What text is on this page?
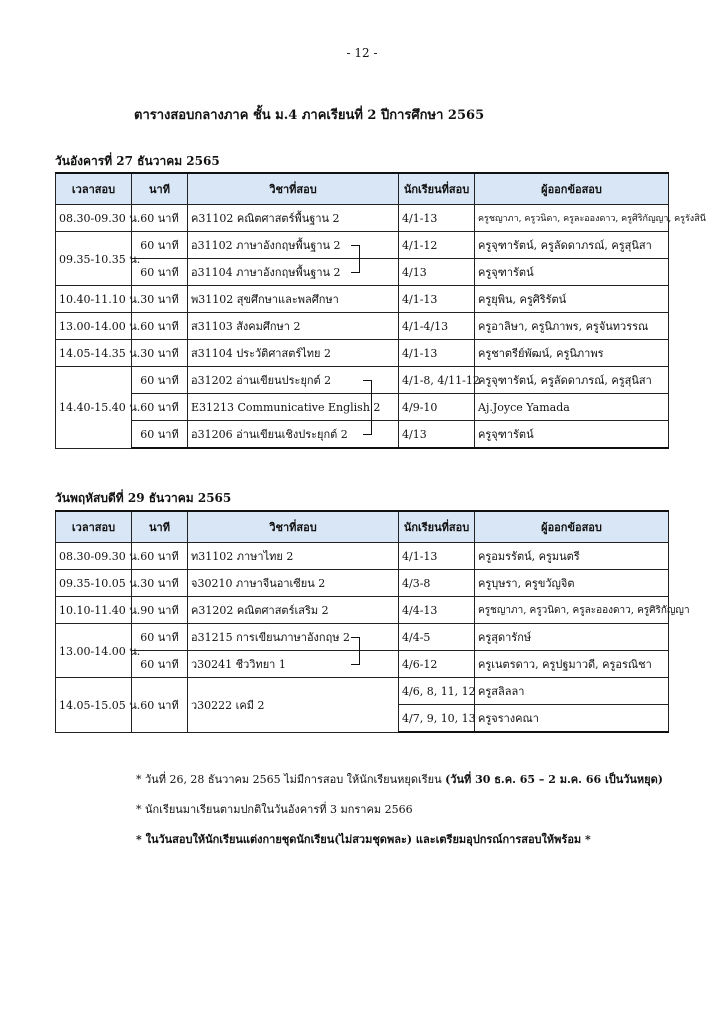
- 12 -
ตารางสอบกลางภาค ชั้น ม.4 ภาคเรียนที่ 2 ปีการศึกษา 2565
วันอังคารที่ 27 ธันวาคม 2565
เวลาสอบ	นาที	วิชาที่สอบ	นักเรียนที่สอบ	ผู้ออกข้อสอบ
08.30-09.30 น.	60 นาที	ค31102 คณิตศาสตร์พื้นฐาน 2	4/1-13	ครูชญาภา, ครูวนิดา, ครูละอองดาว, ครูศิริกัญญา, ครูรังสินี
09.35-10.35 น.	60 นาที	อ31102 ภาษาอังกฤษพื้นฐาน 2	4/1-12	ครูจุฑารัตน์, ครูลัดดาภรณ์, ครูสุนิสา
	60 นาที	อ31104 ภาษาอังกฤษพื้นฐาน 2	4/13	ครูจุฑารัตน์
10.40-11.10 น.	30 นาที	พ31102 สุขศึกษาและพลศึกษา	4/1-13	ครูยุพิน, ครูศิริรัตน์
13.00-14.00 น.	60 นาที	ส31103 สังคมศึกษา 2	4/1-4/13	ครูอาลิษา, ครูนิภาพร, ครูจันทวรรณ
14.05-14.35 น.	30 นาที	ส31104 ประวัติศาสตร์ไทย 2	4/1-13	ครูชาตรีย์พัฒน์, ครูนิภาพร
14.40-15.40 น.	60 นาที	อ31202 อ่านเขียนประยุกต์ 2	4/1-8, 4/11-12	ครูจุฑารัตน์, ครูลัดดาภรณ์, ครูสุนิสา
	60 นาที	E31213 Communicative English 2	4/9-10	Aj.Joyce Yamada
	60 นาที	อ31206 อ่านเขียนเชิงประยุกต์ 2	4/13	ครูจุฑารัตน์
วันพฤหัสบดีที่ 29 ธันวาคม 2565
เวลาสอบ	นาที	วิชาที่สอบ	นักเรียนที่สอบ	ผู้ออกข้อสอบ
08.30-09.30 น.	60 นาที	ท31102 ภาษาไทย 2	4/1-13	ครูอมรรัตน์, ครูมนตรี
09.35-10.05 น.	30 นาที	จ30210 ภาษาจีนอาเซียน 2	4/3-8	ครูบุษรา, ครูขวัญจิต
10.10-11.40 น.	90 นาที	ค31202 คณิตศาสตร์เสริม 2	4/4-13	ครูชญาภา, ครูวนิดา, ครูละอองดาว, ครูศิริกัญญา
13.00-14.00 น.	60 นาที	อ31215 การเขียนภาษาอังกฤษ 2	4/4-5	ครูสุดารักษ์
	60 นาที	ว30241 ชีววิทยา 1	4/6-12	ครูเนตรดาว, ครูปฐมาวดี, ครูอรณิชา
14.05-15.05 น.	60 นาที	ว30222 เคมี 2	4/6, 8, 11, 12	ครูสลิลลา
			4/7, 9, 10, 13	ครูจรางคณา
* วันที่ 26, 28 ธันวาคม 2565 ไม่มีการสอบ ให้นักเรียนหยุดเรียน (วันที่ 30 ธ.ค. 65 – 2 ม.ค. 66 เป็นวันหยุด)
* นักเรียนมาเรียนตามปกติในวันอังคารที่ 3 มกราคม 2566
* ในวันสอบให้นักเรียนแต่งกายชุดนักเรียน(ไม่สวมชุดพละ) และเตรียมอุปกรณ์การสอบให้พร้อม *
